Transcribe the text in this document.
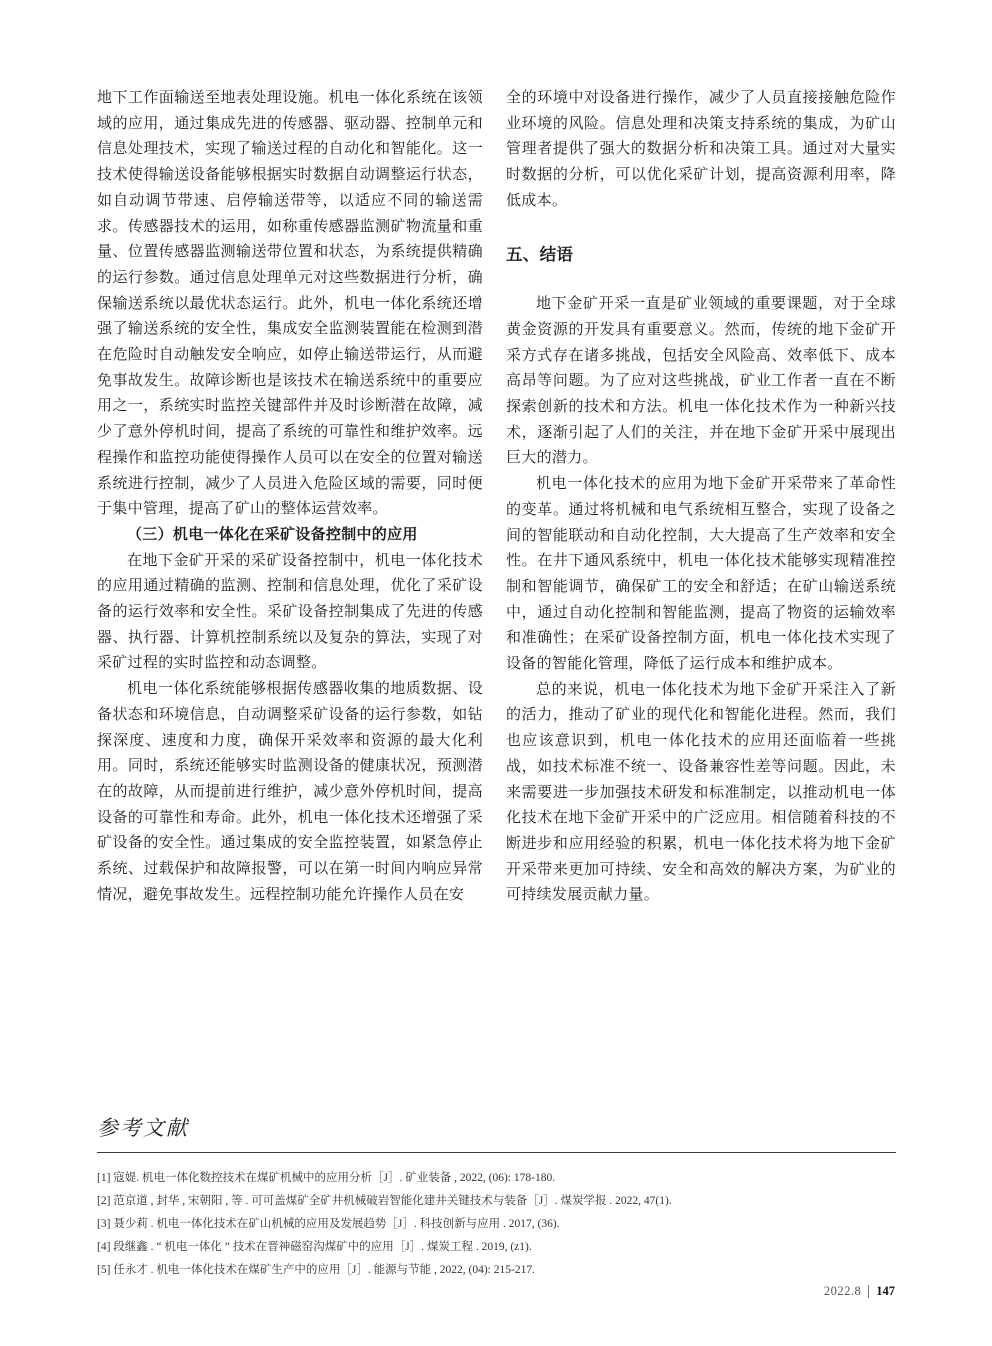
地下工作面输送至地表处理设施。机电一体化系统在该领域的应用，通过集成先进的传感器、驱动器、控制单元和信息处理技术，实现了输送过程的自动化和智能化。这一技术使得输送设备能够根据实时数据自动调整运行状态，如自动调节带速、启停输送带等，以适应不同的输送需求。传感器技术的运用，如称重传感器监测矿物流量和重量、位置传感器监测输送带位置和状态，为系统提供精确的运行参数。通过信息处理单元对这些数据进行分析，确保输送系统以最优状态运行。此外，机电一体化系统还增强了输送系统的安全性，集成安全监测装置能在检测到潜在危险时自动触发安全响应，如停止输送带运行，从而避免事故发生。故障诊断也是该技术在输送系统中的重要应用之一，系统实时监控关键部件并及时诊断潜在故障，减少了意外停机时间，提高了系统的可靠性和维护效率。远程操作和监控功能使得操作人员可以在安全的位置对输送系统进行控制，减少了人员进入危险区域的需要，同时便于集中管理，提高了矿山的整体运营效率。

（三）机电一体化在采矿设备控制中的应用

在地下金矿开采的采矿设备控制中，机电一体化技术的应用通过精确的监测、控制和信息处理，优化了采矿设备的运行效率和安全性。采矿设备控制集成了先进的传感器、执行器、计算机控制系统以及复杂的算法，实现了对采矿过程的实时监控和动态调整。

机电一体化系统能够根据传感器收集的地质数据、设备状态和环境信息，自动调整采矿设备的运行参数，如钻探深度、速度和力度，确保开采效率和资源的最大化利用。同时，系统还能够实时监测设备的健康状况，预测潜在的故障，从而提前进行维护，减少意外停机时间，提高设备的可靠性和寿命。此外，机电一体化技术还增强了采矿设备的安全性。通过集成的安全监控装置，如紧急停止系统、过载保护和故障报警，可以在第一时间内响应异常情况，避免事故发生。远程控制功能允许操作人员在安

全的环境中对设备进行操作，减少了人员直接接触危险作业环境的风险。信息处理和决策支持系统的集成，为矿山管理者提供了强大的数据分析和决策工具。通过对大量实时数据的分析，可以优化采矿计划，提高资源利用率，降低成本。

五、结语

地下金矿开采一直是矿业领域的重要课题，对于全球黄金资源的开发具有重要意义。然而，传统的地下金矿开采方式存在诸多挑战，包括安全风险高、效率低下、成本高昂等问题。为了应对这些挑战，矿业工作者一直在不断探索创新的技术和方法。机电一体化技术作为一种新兴技术，逐渐引起了人们的关注，并在地下金矿开采中展现出巨大的潜力。

机电一体化技术的应用为地下金矿开采带来了革命性的变革。通过将机械和电气系统相互整合，实现了设备之间的智能联动和自动化控制，大大提高了生产效率和安全性。在井下通风系统中，机电一体化技术能够实现精准控制和智能调节，确保矿工的安全和舒适；在矿山输送系统中，通过自动化控制和智能监测，提高了物资的运输效率和准确性；在采矿设备控制方面，机电一体化技术实现了设备的智能化管理，降低了运行成本和维护成本。

总的来说，机电一体化技术为地下金矿开采注入了新的活力，推动了矿业的现代化和智能化进程。然而，我们也应该意识到，机电一体化技术的应用还面临着一些挑战，如技术标准不统一、设备兼容性差等问题。因此，未来需要进一步加强技术研发和标准制定，以推动机电一体化技术在地下金矿开采中的广泛应用。相信随着科技的不断进步和应用经验的积累，机电一体化技术将为地下金矿开采带来更加可持续、安全和高效的解决方案，为矿业的可持续发展贡献力量。

参考文献

[1] 寇媞. 机电一体化数控技术在煤矿机械中的应用分析［J］. 矿业装备 , 2022, (06): 178-180.

[2] 范京道 , 封华 , 宋朝阳 , 等 . 可可盖煤矿全矿井机械破岩智能化建井关键技术与装备［J］. 煤炭学报 . 2022, 47(1).

[3] 聂少莉 . 机电一体化技术在矿山机械的应用及发展趋势［J］. 科技创新与应用 . 2017, (36).

[4] 段继鑫 . “ 机电一体化 ” 技术在晋神磁窑沟煤矿中的应用［J］. 煤炭工程 . 2019, (z1).

[5] 任永才 . 机电一体化技术在煤矿生产中的应用［J］. 能源与节能 , 2022, (04): 215-217.

2022.8 147
